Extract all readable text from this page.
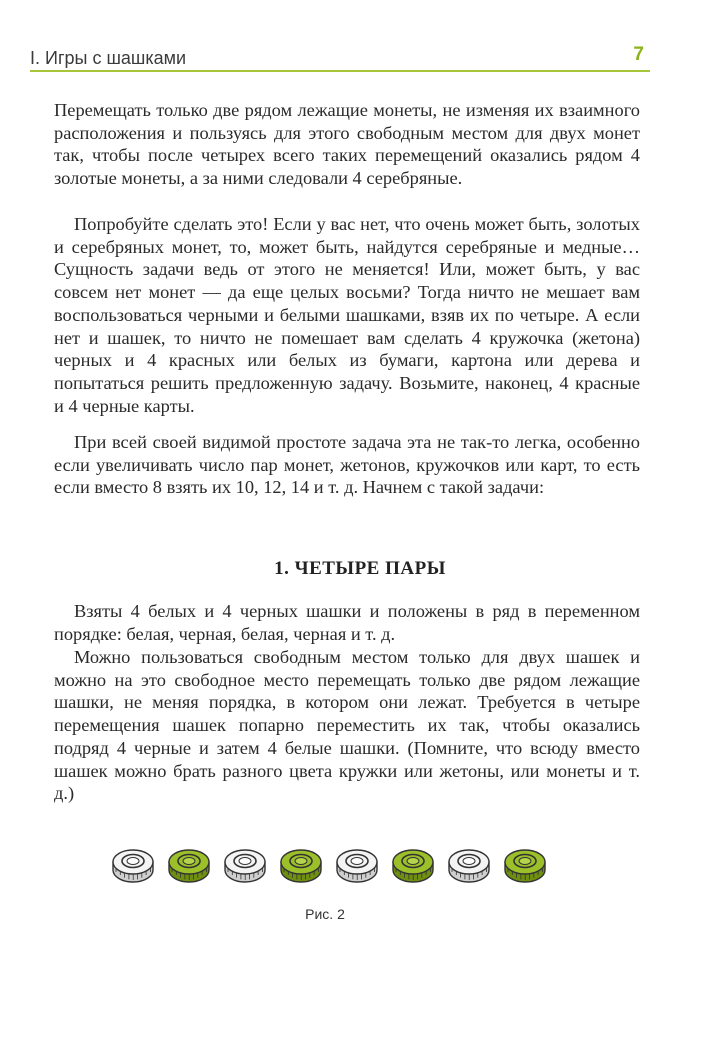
I. Игры с шашками	7

Перемещать только две рядом лежащие монеты, не изменяя их взаимного расположения и пользуясь для этого свободным местом для двух монет так, чтобы после четырех всего таких перемещений оказались рядом 4 золотые монеты, а за ними следовали 4 серебряные.

Попробуйте сделать это! Если у вас нет, что очень может быть, золотых и серебряных монет, то, может быть, найдутся серебряные и медные… Сущность задачи ведь от этого не меняется! Или, может быть, у вас совсем нет монет — да еще целых восьми? Тогда ничто не мешает вам воспользоваться черными и белыми шашками, взяв их по четыре. А если нет и шашек, то ничто не помешает вам сделать 4 кружочка (жетона) черных и 4 красных или белых из бумаги, картона или дерева и попытаться решить предложенную задачу. Возьмите, наконец, 4 красные и 4 черные карты.

При всей своей видимой простоте задача эта не так-то легка, особенно если увеличивать число пар монет, жетонов, кружочков или карт, то есть если вместо 8 взять их 10, 12, 14 и т. д. Начнем с такой задачи:

1. ЧЕТЫРЕ ПАРЫ

Взяты 4 белых и 4 черных шашки и положены в ряд в переменном порядке: белая, черная, белая, черная и т. д.

Можно пользоваться свободным местом только для двух шашек и можно на это свободное место перемещать только две рядом лежащие шашки, не меняя порядка, в котором они лежат. Требуется в четыре перемещения шашек попарно переместить их так, чтобы оказались подряд 4 черные и затем 4 белые шашки. (Помните, что всюду вместо шашек можно брать разного цвета кружки или жетоны, или монеты и т. д.)

Рис. 2
